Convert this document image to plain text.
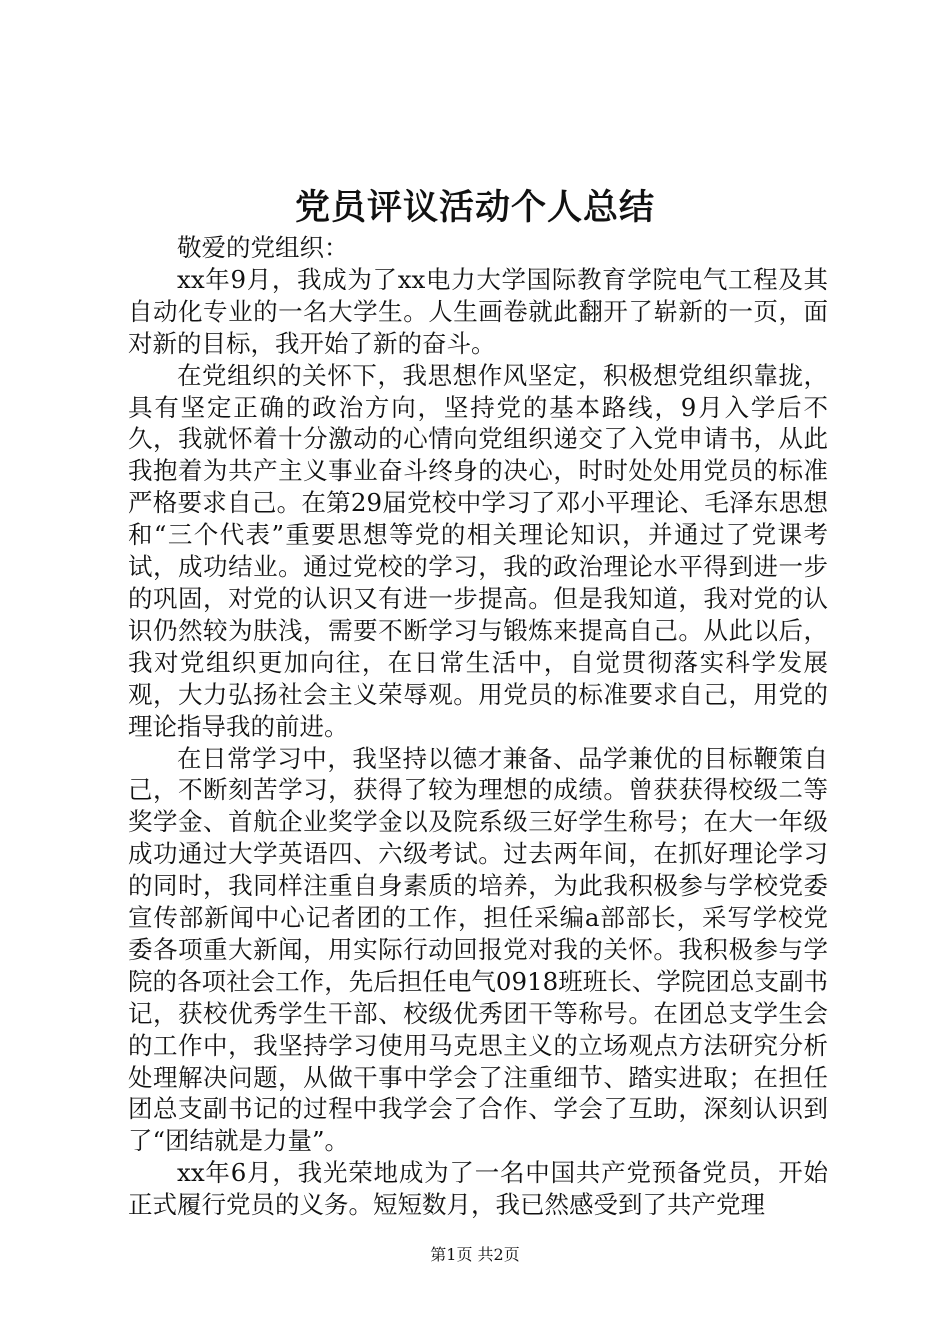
党员评议活动个人总结

敬爱的党组织：

xx年9月，我成为了xx电力大学国际教育学院电气工程及其自动化专业的一名大学生。人生画卷就此翻开了崭新的一页，面对新的目标，我开始了新的奋斗。

在党组织的关怀下，我思想作风坚定，积极想党组织靠拢，具有坚定正确的政治方向，坚持党的基本路线，9月入学后不久，我就怀着十分激动的心情向党组织递交了入党申请书，从此我抱着为共产主义事业奋斗终身的决心，时时处处用党员的标准严格要求自己。在第29届党校中学习了邓小平理论、毛泽东思想和“三个代表”重要思想等党的相关理论知识，并通过了党课考试，成功结业。通过党校的学习，我的政治理论水平得到进一步的巩固，对党的认识又有进一步提高。但是我知道，我对党的认识仍然较为肤浅，需要不断学习与锻炼来提高自己。从此以后，我对党组织更加向往，在日常生活中，自觉贯彻落实科学发展观，大力弘扬社会主义荣辱观。用党员的标准要求自己，用党的理论指导我的前进。

在日常学习中，我坚持以德才兼备、品学兼优的目标鞭策自己，不断刻苦学习，获得了较为理想的成绩。曾获获得校级二等奖学金、首航企业奖学金以及院系级三好学生称号；在大一年级成功通过大学英语四、六级考试。过去两年间，在抓好理论学习的同时，我同样注重自身素质的培养，为此我积极参与学校党委宣传部新闻中心记者团的工作，担任采编a部部长，采写学校党委各项重大新闻，用实际行动回报党对我的关怀。我积极参与学院的各项社会工作，先后担任电气0918班班长、学院团总支副书记，获校优秀学生干部、校级优秀团干等称号。在团总支学生会的工作中，我坚持学习使用马克思主义的立场观点方法研究分析处理解决问题，从做干事中学会了注重细节、踏实进取；在担任团总支副书记的过程中我学会了合作、学会了互助，深刻认识到了“团结就是力量”。

xx年6月，我光荣地成为了一名中国共产党预备党员，开始正式履行党员的义务。短短数月，我已然感受到了共产党理

第1页 共2页
